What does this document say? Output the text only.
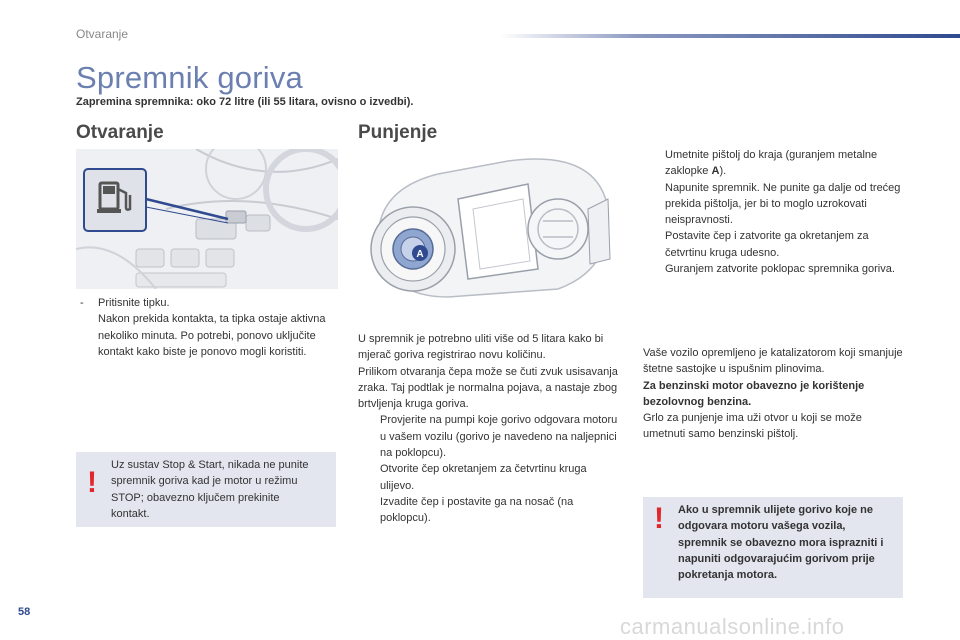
Otvaranje
Spremnik goriva
Zapremina spremnika: oko 72 litre (ili 55 litara, ovisno o izvedbi).
Otvaranje	Punjenje
A
- Pritisnite tipku.
Nakon prekida kontakta, ta tipka ostaje aktivna nekoliko minuta. Po potrebi, ponovo uključite kontakt kako biste je ponovo mogli koristiti.
!
Uz sustav Stop & Start, nikada ne punite spremnik goriva kad je motor u režimu STOP; obavezno ključem prekinite kontakt.
U spremnik je potrebno uliti više od 5 litara kako bi mjerač goriva registrirao novu količinu.
Prilikom otvaranja čepa može se čuti zvuk usisavanja zraka. Taj podtlak je normalna pojava, a nastaje zbog brtvljenja kruga goriva.
Provjerite na pumpi koje gorivo odgovara motoru u vašem vozilu (gorivo je navedeno na naljepnici na poklopcu).
Otvorite čep okretanjem za četvrtinu kruga ulijevo.
Izvadite čep i postavite ga na nosač (na poklopcu).
Umetnite pištolj do kraja (guranjem metalne zaklopke A).
Napunite spremnik. Ne punite ga dalje od trećeg prekida pištolja, jer bi to moglo uzrokovati neispravnosti.
Postavite čep i zatvorite ga okretanjem za četvrtinu kruga udesno.
Guranjem zatvorite poklopac spremnika goriva.
Vaše vozilo opremljeno je katalizatorom koji smanjuje štetne sastojke u ispušnim plinovima.
Za benzinski motor obavezno je korištenje bezolovnog benzina.
Grlo za punjenje ima uži otvor u koji se može umetnuti samo benzinski pištolj.
! Ako u spremnik ulijete gorivo koje ne odgovara motoru vašega vozila, spremnik se obavezno mora isprazniti i napuniti odgovarajućim gorivom prije pokretanja motora.
58
carmanualsonline.info
